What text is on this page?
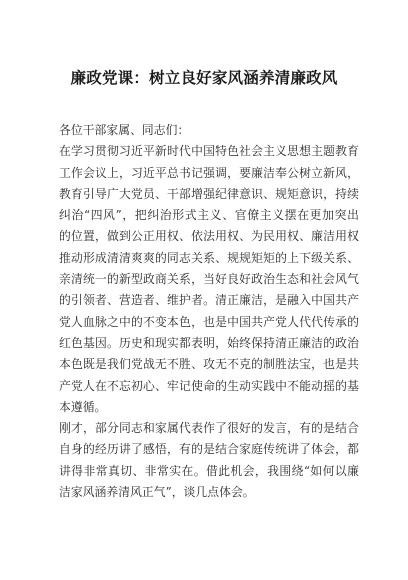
廉政党课：树立良好家风涵养清廉政风
各位干部家属、同志们：
在学习贯彻习近平新时代中国特色社会主义思想主题教育
工作会议上，习近平总书记强调，要廉洁奉公树立新风，
教育引导广大党员、干部增强纪律意识、规矩意识，持续
纠治“四风”，把纠治形式主义、官僚主义摆在更加突出
的位置，做到公正用权、依法用权、为民用权、廉洁用权
推动形成清清爽爽的同志关系、规规矩矩的上下级关系、
亲清统一的新型政商关系，当好良好政治生态和社会风气
的引领者、营造者、维护者。清正廉洁，是融入中国共产
党人血脉之中的不变本色，也是中国共产党人代代传承的
红色基因。历史和现实都表明，始终保持清正廉洁的政治
本色既是我们党战无不胜、攻无不克的制胜法宝，也是共
产党人在不忘初心、牢记使命的生动实践中不能动摇的基
本遵循。
刚才，部分同志和家属代表作了很好的发言，有的是结合
自身的经历讲了感悟，有的是结合家庭传统讲了体会，都
讲得非常真切、非常实在。借此机会，我围绕“如何以廉
洁家风涵养清风正气”，谈几点体会。
